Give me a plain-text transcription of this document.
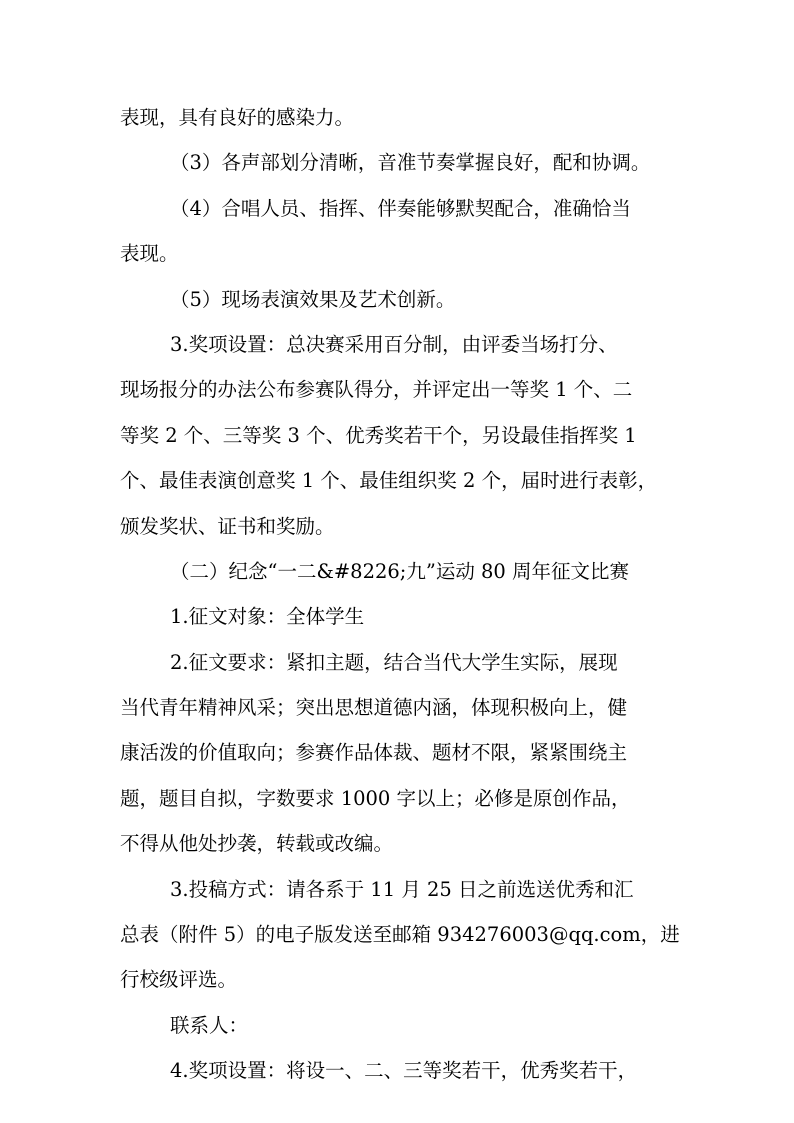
表现，具有良好的感染力。
（3）各声部划分清晰，音准节奏掌握良好，配和协调。
（4）合唱人员、指挥、伴奏能够默契配合，准确恰当
表现。
（5）现场表演效果及艺术创新。
3.奖项设置：总决赛采用百分制，由评委当场打分、
现场报分的办法公布参赛队得分，并评定出一等奖 1 个、二
等奖 2 个、三等奖 3 个、优秀奖若干个，另设最佳指挥奖 1
个、最佳表演创意奖 1 个、最佳组织奖 2 个，届时进行表彰，
颁发奖状、证书和奖励。
（二）纪念“一二&#8226;九”运动 80 周年征文比赛
1.征文对象：全体学生
2.征文要求：紧扣主题，结合当代大学生实际，展现
当代青年精神风采；突出思想道德内涵，体现积极向上，健
康活泼的价值取向；参赛作品体裁、题材不限，紧紧围绕主
题，题目自拟，字数要求 1000 字以上；必修是原创作品，
不得从他处抄袭，转载或改编。
3.投稿方式：请各系于 11 月 25 日之前选送优秀和汇
总表（附件 5）的电子版发送至邮箱 934276003@qq.com，进
行校级评选。
联系人：
4.奖项设置：将设一、二、三等奖若干，优秀奖若干，
